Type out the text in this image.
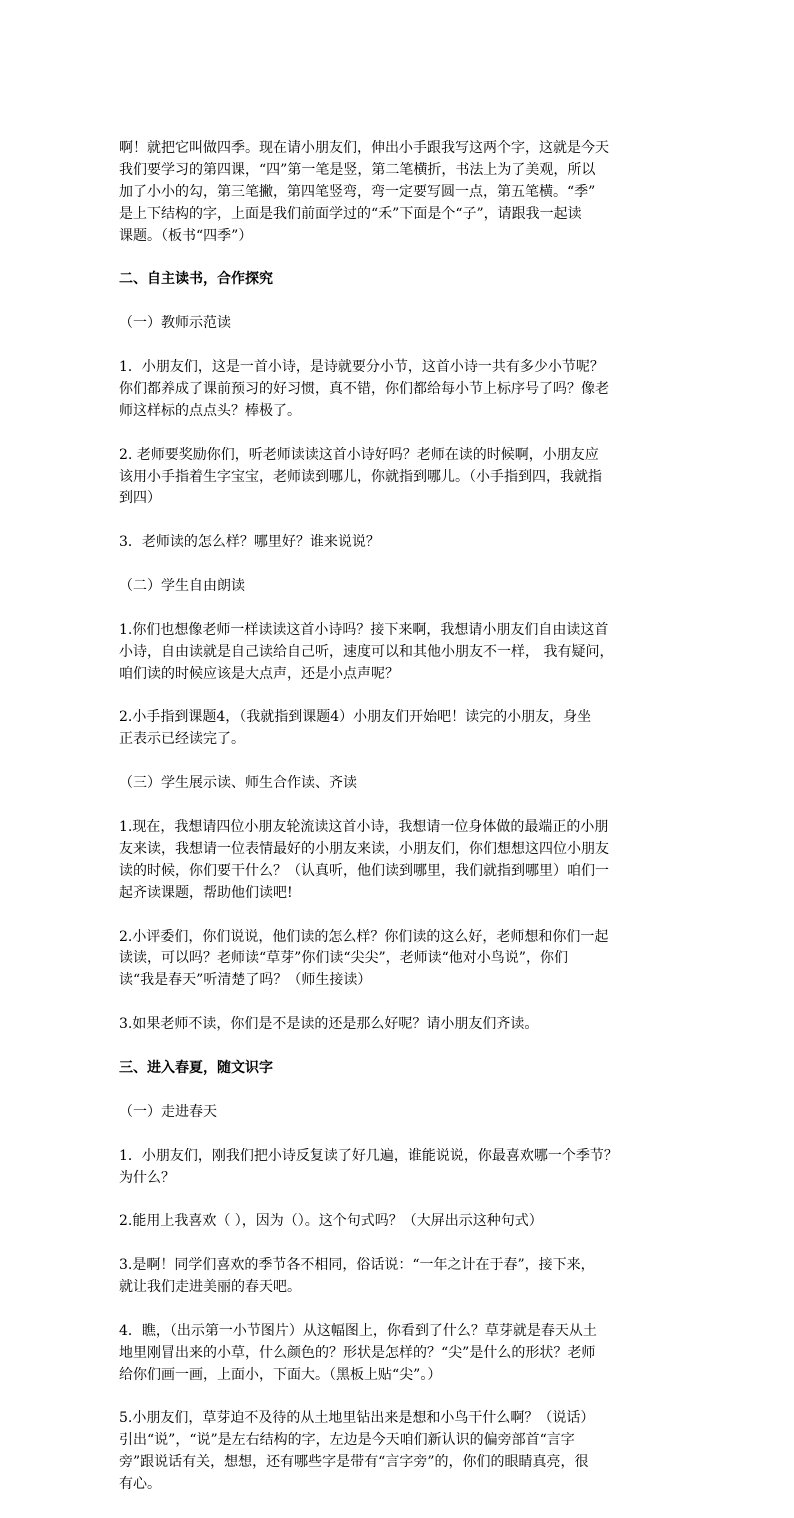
啊！就把它叫做四季。现在请小朋友们，伸出小手跟我写这两个字，这就是今天
我们要学习的第四课，“四”第一笔是竖，第二笔横折，书法上为了美观，所以
加了小小的勾，第三笔撇，第四笔竖弯，弯一定要写圆一点，第五笔横。“季”
是上下结构的字，上面是我们前面学过的“禾”下面是个“子”，请跟我一起读
课题。（板书“四季”）

二、自主读书，合作探究

（一）教师示范读

1．小朋友们，这是一首小诗，是诗就要分小节，这首小诗一共有多少小节呢？
你们都养成了课前预习的好习惯，真不错，你们都给每小节上标序号了吗？像老
师这样标的点点头？棒极了。

2. 老师要奖励你们，听老师读读这首小诗好吗？老师在读的时候啊，小朋友应
该用小手指着生字宝宝，老师读到哪儿，你就指到哪儿。（小手指到四，我就指
到四）

3．老师读的怎么样？哪里好？谁来说说？

（二）学生自由朗读

1.你们也想像老师一样读读这首小诗吗？接下来啊，我想请小朋友们自由读这首
小诗，自由读就是自己读给自己听，速度可以和其他小朋友不一样， 我有疑问，
咱们读的时候应该是大点声，还是小点声呢？

2.小手指到课题4，（我就指到课题4）小朋友们开始吧！读完的小朋友，身坐
正表示已经读完了。

（三）学生展示读、师生合作读、齐读

1.现在，我想请四位小朋友轮流读这首小诗，我想请一位身体做的最端正的小朋
友来读，我想请一位表情最好的小朋友来读，小朋友们，你们想想这四位小朋友
读的时候，你们要干什么？（认真听，他们读到哪里，我们就指到哪里）咱们一
起齐读课题，帮助他们读吧!

2.小评委们，你们说说，他们读的怎么样？你们读的这么好，老师想和你们一起
读读，可以吗？老师读“草芽”你们读“尖尖”，老师读“他对小鸟说”，你们
读“我是春天”听清楚了吗？（师生接读）

3.如果老师不读，你们是不是读的还是那么好呢？请小朋友们齐读。

三、进入春夏，随文识字

（一）走进春天

1．小朋友们，刚我们把小诗反复读了好几遍，谁能说说，你最喜欢哪一个季节？
为什么？

2.能用上我喜欢（ ），因为（）。这个句式吗？（大屏出示这种句式）

3.是啊！同学们喜欢的季节各不相同，俗话说：“一年之计在于春”，接下来，
就让我们走进美丽的春天吧。

4．瞧，（出示第一小节图片）从这幅图上，你看到了什么？草芽就是春天从土
地里刚冒出来的小草，什么颜色的？形状是怎样的？“尖”是什么的形状？老师
给你们画一画，上面小，下面大。（黑板上贴“尖”。）

5.小朋友们，草芽迫不及待的从土地里钻出来是想和小鸟干什么啊？（说话）
引出“说”，“说”是左右结构的字，左边是今天咱们新认识的偏旁部首“言字
旁”跟说话有关，想想，还有哪些字是带有“言字旁”的，你们的眼睛真亮，很
有心。
